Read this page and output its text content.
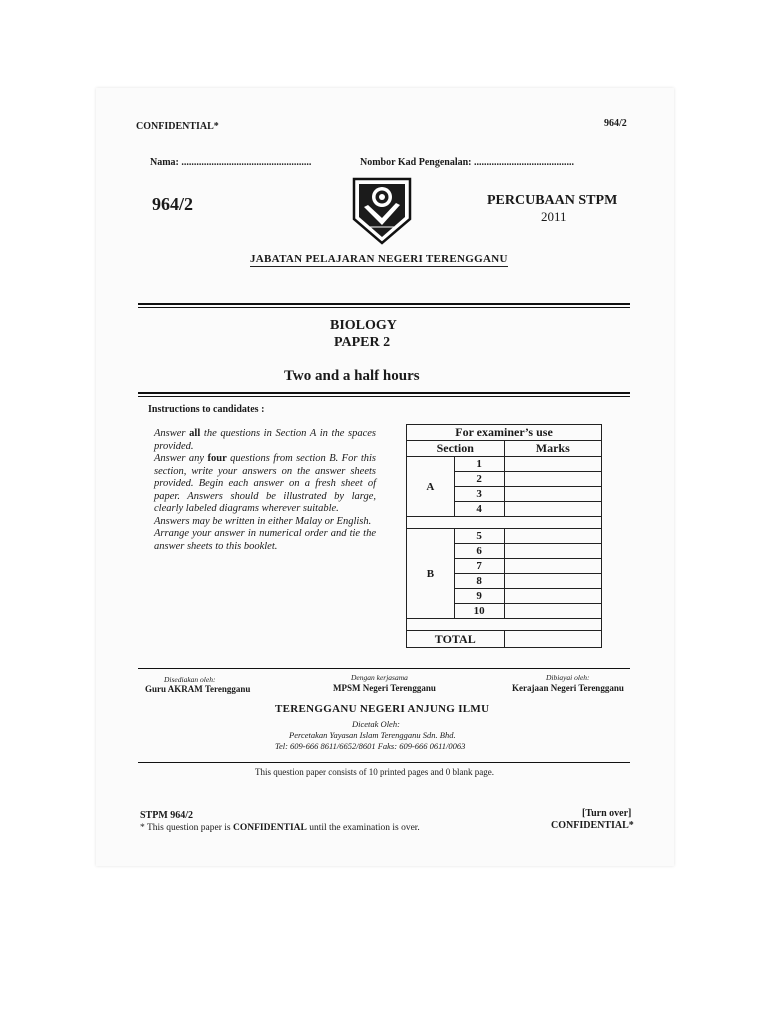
CONFIDENTIAL*	964/2
Nama: ....................................................	Nombor Kad Pengenalan: ........................................
964/2	PERCUBAAN STPM
2011
JABATAN PELAJARAN NEGERI TERENGGANU
BIOLOGY
PAPER 2
Two and a half hours
Instructions to candidates :

Answer all the questions in Section A in the spaces provided.

Answer any four questions from section B. For this section, write your answers on the answer sheets provided. Begin each answer on a fresh sheet of paper. Answers should be illustrated by large, clearly labeled diagrams wherever suitable.

Answers may be written in either Malay or English.

Arrange your answer in numerical order and tie the answer sheets to this booklet.

For examiner’s use		
Section		Marks
A	1	
	2	
	3	
	4	

B	5	
	6	
	7	
	8	
	9	
	10	

TOTAL		
Disediakan oleh:
Guru AKRAM Terengganu
Dengan kerjasama
MPSM Negeri Terengganu
Dibiayai oleh:
Kerajaan Negeri Terengganu
TERENGGANU NEGERI ANJUNG ILMU
Dicetak Oleh:
Percetakan Yayasan Islam Terengganu Sdn. Bhd.
Tel: 609-666 8611/6652/8601 Faks: 609-666 0611/0063
This question paper consists of 10 printed pages and 0 blank page.
STPM 964/2
* This question paper is CONFIDENTIAL until the examination is over.
[Turn over]
CONFIDENTIAL*
